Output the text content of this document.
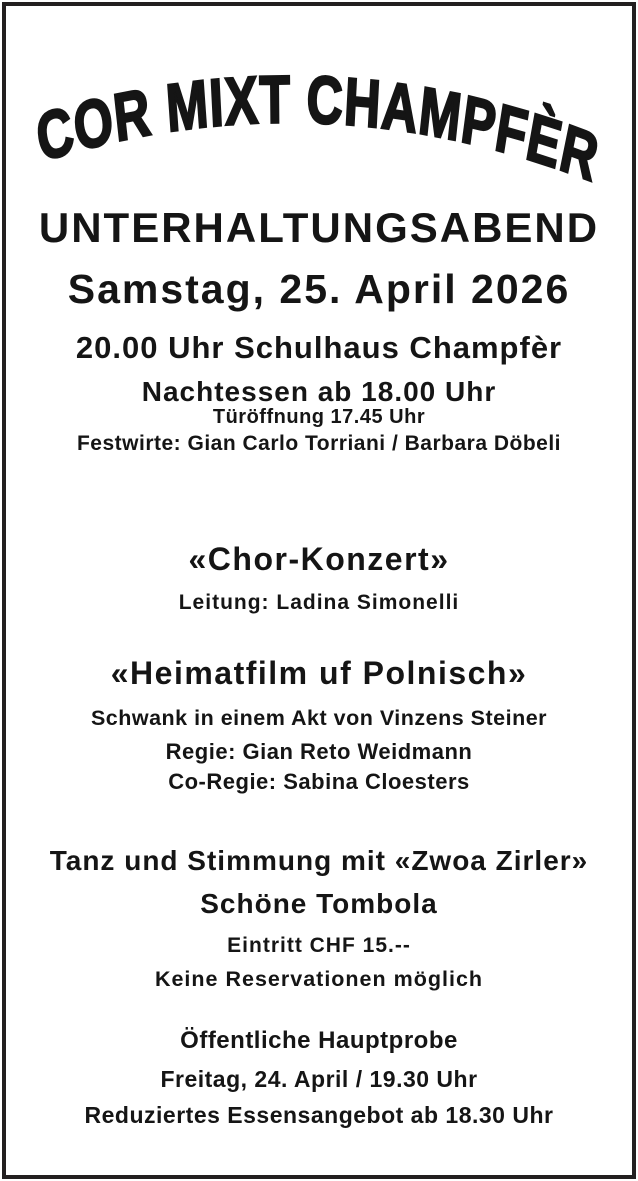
COR MIXT CHAMPFÈR
UNTERHALTUNGSABEND
Samstag, 25. April 2026
20.00 Uhr Schulhaus Champfèr
Nachtessen ab 18.00 Uhr
Türöffnung 17.45 Uhr
Festwirte: Gian Carlo Torriani / Barbara Döbeli
«Chor-Konzert»
Leitung: Ladina Simonelli
«Heimatfilm uf Polnisch»
Schwank in einem Akt von Vinzens Steiner
Regie: Gian Reto Weidmann
Co-Regie: Sabina Cloesters
Tanz und Stimmung mit «Zwoa Zirler»
Schöne Tombola
Eintritt CHF 15.--
Keine Reservationen möglich
Öffentliche Hauptprobe
Freitag, 24. April / 19.30 Uhr
Reduziertes Essensangebot ab 18.30 Uhr
